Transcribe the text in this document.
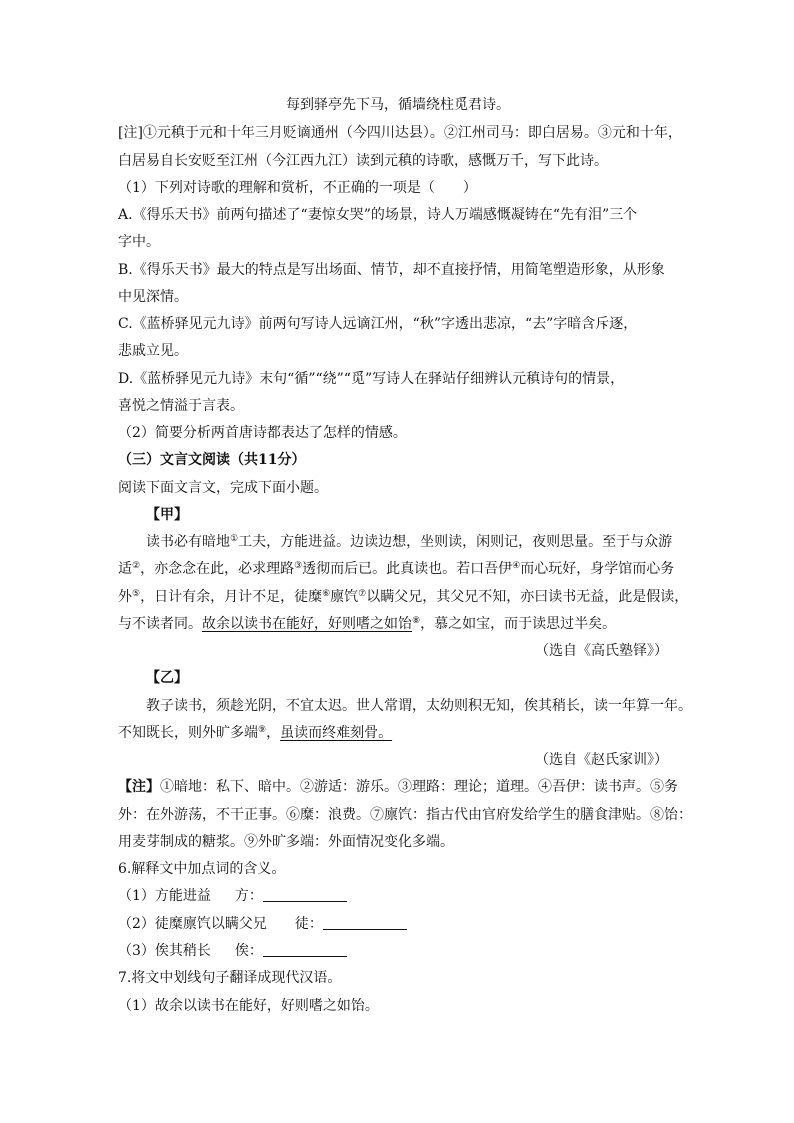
每到驿亭先下马，循墙绕柱觅君诗。
[注]①元稹于元和十年三月贬谪通州（今四川达县）。②江州司马：即白居易。③元和十年，
白居易自长安贬至江州（今江西九江）读到元稹的诗歌，感慨万千，写下此诗。
（1）下列对诗歌的理解和赏析，不正确的一项是（　　）
A.《得乐天书》前两句描述了“妻惊女哭”的场景，诗人万端感慨凝铸在“先有泪”三个
字中。
B.《得乐天书》最大的特点是写出场面、情节，却不直接抒情，用简笔塑造形象，从形象
中见深情。
C.《蓝桥驿见元九诗》前两句写诗人远谪江州，“秋”字透出悲凉，“去”字暗含斥逐，
悲戚立见。
D.《蓝桥驿见元九诗》末句“循”“绕”“觅”写诗人在驿站仔细辨认元稹诗句的情景，
喜悦之情溢于言表。
（2）简要分析两首唐诗都表达了怎样的情感。
（三）文言文阅读（共11分）
阅读下面文言文，完成下面小题。
【甲】
读书必有暗地①工夫，方能进益。边读边想，坐则读，闲则记，夜则思量。至于与众游
适②，亦念念在此，必求理路③透彻而后已。此真读也。若口吾伊④而心玩好，身学馆而心务
外⑤，日计有余，月计不足，徒糜⑥廪饩⑦以瞒父兄，其父兄不知，亦曰读书无益，此是假读，
与不读者同。故余以读书在能好，好则嗜之如饴⑧，慕之如宝，而于读思过半矣。
（选自《高氏塾铎》）
【乙】
教子读书，须趁光阴，不宜太迟。世人常谓，太幼则积无知，俟其稍长，读一年算一年。
不知既长，则外旷多端⑨，虽读而终难刻骨。
（选自《赵氏家训》）
【注】①暗地：私下、暗中。②游适：游乐。③理路：理论；道理。④吾伊：读书声。⑤务
外：在外游荡，不干正事。⑥糜：浪费。⑦廪饩：指古代由官府发给学生的膳食津贴。⑧饴：
用麦芽制成的糖浆。⑨外旷多端：外面情况变化多端。
6.解释文中加点词的含义。
（1）方能进益 方：
（2）徒糜廪饩以瞒父兄 徒：
（3）俟其稍长 俟：
7.将文中划线句子翻译成现代汉语。
（1）故余以读书在能好，好则嗜之如饴。
